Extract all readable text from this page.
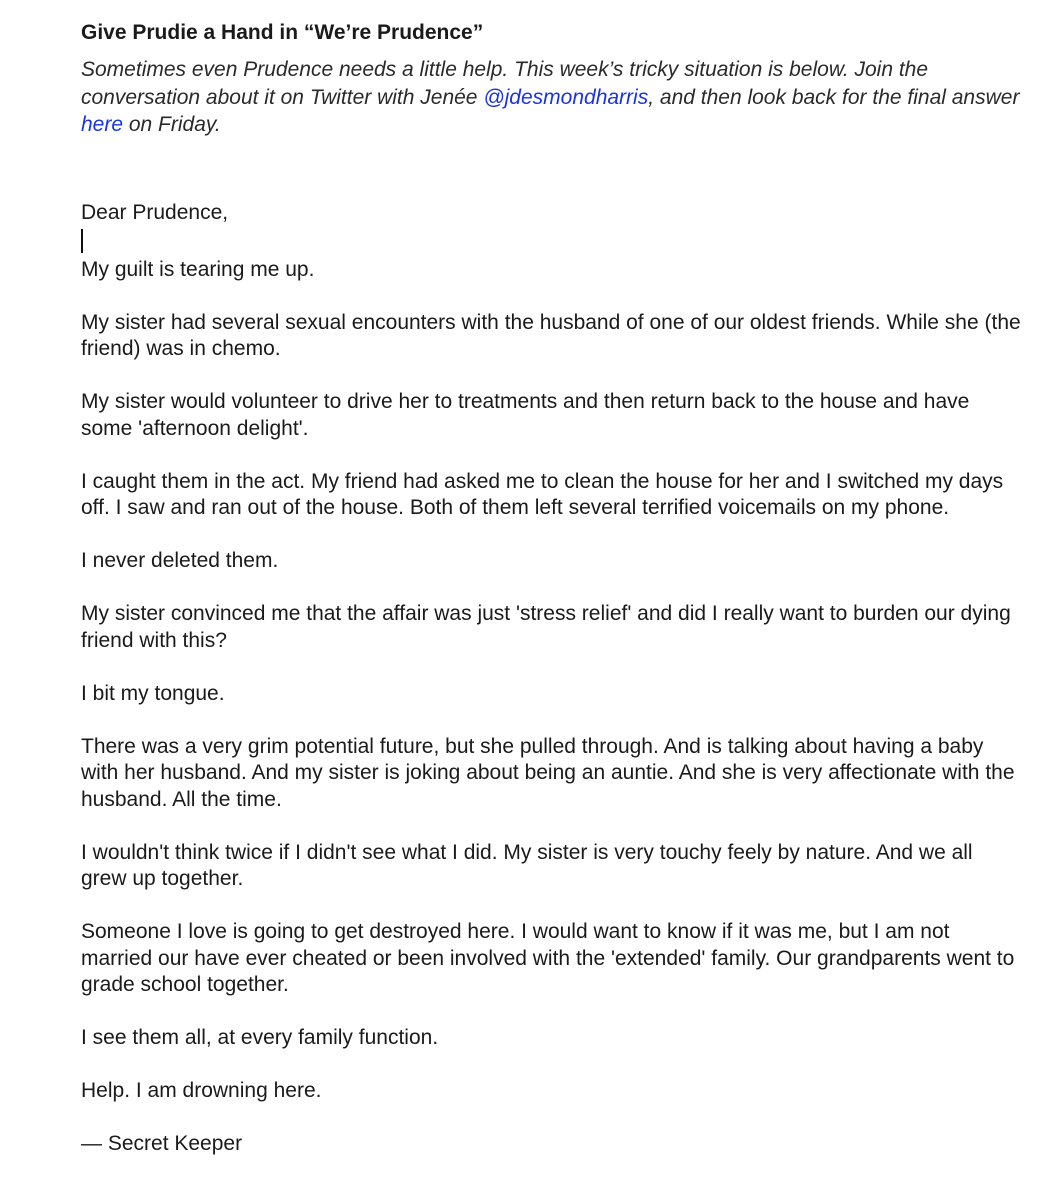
Give Prudie a Hand in “We’re Prudence”

Sometimes even Prudence needs a little help. This week’s tricky situation is below. Join the conversation about it on Twitter with Jenée @jdesmondharris, and then look back for the final answer here on Friday.

Dear Prudence,

My guilt is tearing me up.

My sister had several sexual encounters with the husband of one of our oldest friends. While she (the friend) was in chemo.

My sister would volunteer to drive her to treatments and then return back to the house and have some 'afternoon delight'.

I caught them in the act. My friend had asked me to clean the house for her and I switched my days off. I saw and ran out of the house. Both of them left several terrified voicemails on my phone.

I never deleted them.

My sister convinced me that the affair was just 'stress relief' and did I really want to burden our dying friend with this?

I bit my tongue.

There was a very grim potential future, but she pulled through. And is talking about having a baby with her husband. And my sister is joking about being an auntie. And she is very affectionate with the husband. All the time.

I wouldn't think twice if I didn't see what I did. My sister is very touchy feely by nature. And we all grew up together.

Someone I love is going to get destroyed here. I would want to know if it was me, but I am not married our have ever cheated or been involved with the 'extended' family. Our grandparents went to grade school together.

I see them all, at every family function.

Help. I am drowning here.

— Secret Keeper
